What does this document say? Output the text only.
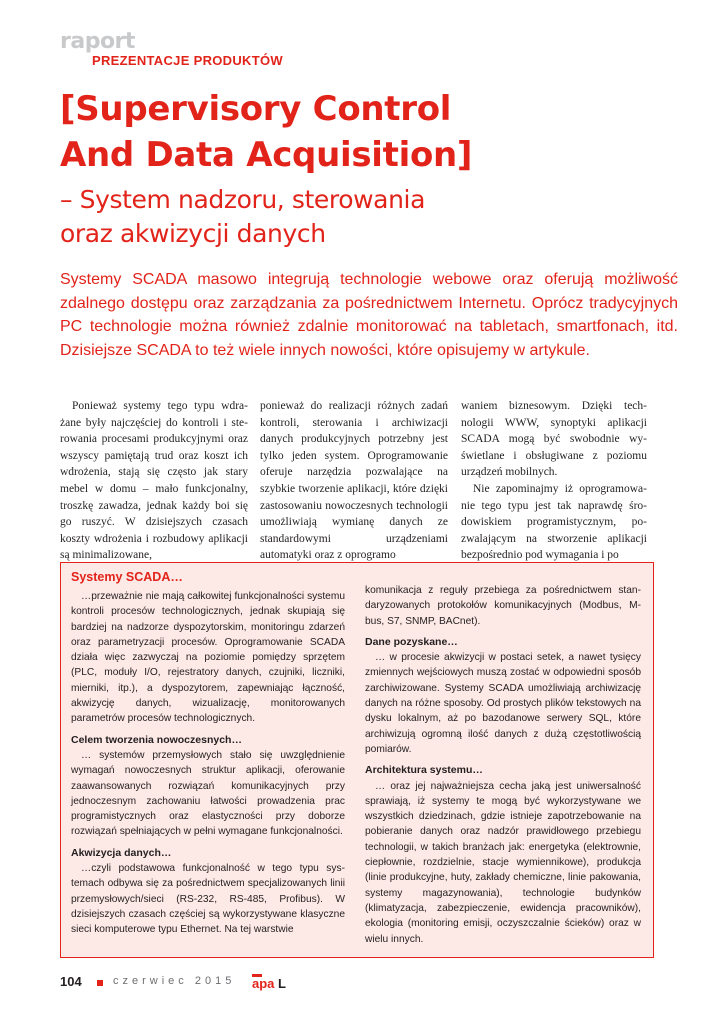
raport
PREZENTACJE PRODUKTÓW
[Supervisory Control
And Data Acquisition]
– System nadzoru, sterowania
oraz akwizycji danych
Systemy SCADA masowo integrują technologie webowe oraz oferują możliwość zdalnego dostępu oraz zarządzania za pośrednictwem Internetu. Oprócz tradycyjnych PC technologie można również zdalnie monitorować na tabletach, smartfonach, itd. Dzisiejsze SCADA to też wiele innych nowości, które opisujemy w artykule.

Ponieważ systemy tego typu wdrażane były najczęściej do kontroli i sterowania procesami produkcyjnymi oraz wszyscy pamiętają trud oraz koszt ich wdrożenia, stają się często jak stary mebel w domu – mało funkcjonalny, troszkę zawadza, jednak każdy boi się go ruszyć. W dzisiejszych czasach koszty wdrożenia i rozbudowy aplikacji są minimalizowane,

ponieważ do realizacji różnych zadań kontroli, sterowania i archiwizacji danych produkcyjnych potrzebny jest tylko jeden system. Oprogramowanie oferuje narzędzia pozwalające na szybkie tworzenie aplikacji, które dzięki zastosowaniu nowoczesnych technologii umożliwiają wymianę danych ze standardowymi urządzeniami automatyki oraz z oprogramo

waniem biznesowym. Dzięki technologii WWW, synoptyki aplikacji SCADA mogą być swobodnie wyświetlane i obsługiwane z poziomu urządzeń mobilnych.

Nie zapominajmy iż oprogramowanie tego typu jest tak naprawdę środowiskiem programistycznym, pozwalającym na stworzenie aplikacji bezpośrednio pod wymagania i po

Systemy SCADA…

…przeważnie nie mają całkowitej funkcjonalności systemu kontroli procesów technologicznych, jednak skupiają się bardziej na nadzorze dyspozytorskim, monitoringu zdarzeń oraz parametryzacji procesów. Oprogramowanie SCADA działa więc zazwyczaj na poziomie pomiędzy sprzętem (PLC, moduły I/O, rejestratory danych, czujniki, liczniki, mierniki, itp.), a dyspozytorem, zapewniając łączność, akwizycję danych, wizualizację, monitorowanych parametrów procesów technologicznych.

Celem tworzenia nowoczesnych…

… systemów przemysłowych stało się uwzględnienie wymagań nowoczesnych struktur aplikacji, oferowanie zaawansowanych rozwiązań komunikacyjnych przy jednoczesnym zachowaniu łatwości prowadzenia prac programistycznych oraz elastyczności przy doborze rozwiązań spełniających w pełni wymagane funkcjonalności.

Akwizycja danych…

…czyli podstawowa funkcjonalność w tego typu systemach odbywa się za pośrednictwem specjalizowanych linii przemysłowych/sieci (RS-232, RS-485, Profibus). W dzisiejszych czasach częściej są wykorzystywane klasyczne sieci komputerowe typu Ethernet. Na tej warstwie

komunikacja z reguły przebiega za pośrednictwem standaryzowanych protokołów komunikacyjnych (Modbus, M-bus, S7, SNMP, BACnet).

Dane pozyskane…

… w procesie akwizycji w postaci setek, a nawet tysięcy zmiennych wejściowych muszą zostać w odpowiedni sposób zarchiwizowane. Systemy SCADA umożliwiają archiwizację danych na różne sposoby. Od prostych plików tekstowych na dysku lokalnym, aż po bazodanowe serwery SQL, które archiwizują ogromną ilość danych z dużą częstotliwością pomiarów.

Architektura systemu…

… oraz jej najważniejsza cecha jaką jest uniwersalność sprawiają, iż systemy te mogą być wykorzystywane we wszystkich dziedzinach, gdzie istnieje zapotrzebowanie na pobieranie danych oraz nadzór prawidłowego przebiegu technologii, w takich branżach jak: energetyka (elektrownie, ciepłownie, rozdzielnie, stacje wymiennikowe), produkcja (linie produkcyjne, huty, zakłady chemiczne, linie pakowania, systemy magazynowania), technologie budynków (klimatyzacja, zabezpieczenie, ewidencja pracowników), ekologia (monitoring emisji, oczyszczalnie ścieków) oraz w wielu innych.

104	czerwiec 2015 apa L
